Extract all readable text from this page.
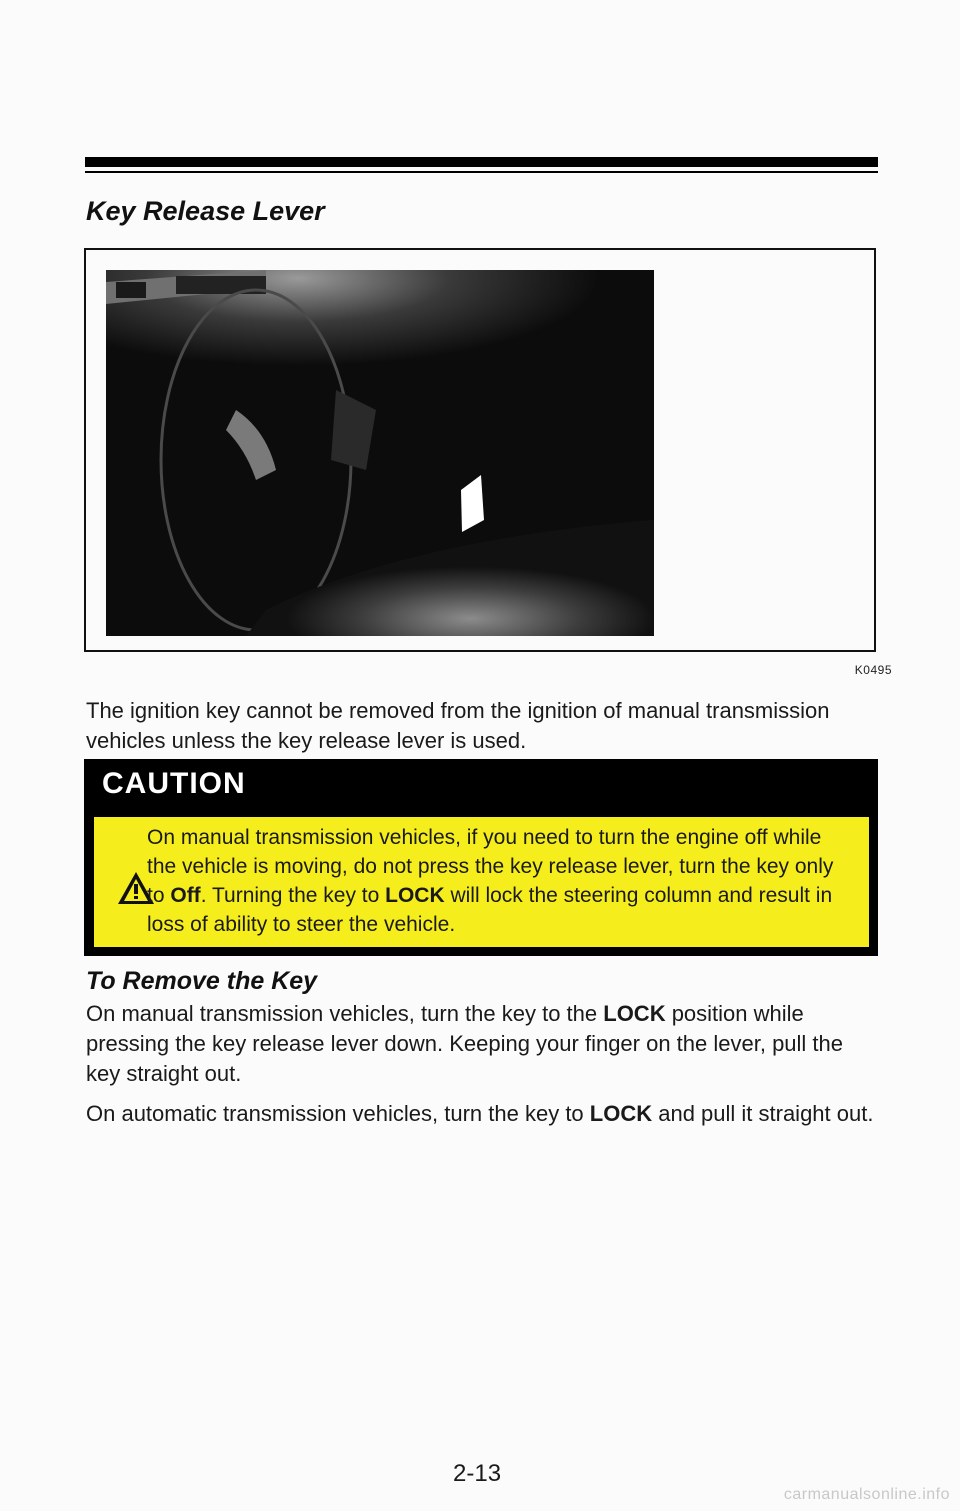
Key Release Lever
K0495

The ignition key cannot be removed from the ignition of manual transmission vehicles unless the key release lever is used.

CAUTION

On manual transmission vehicles, if you need to turn the engine off while the vehicle is moving, do not press the key release lever, turn the key only to Off. Turning the key to LOCK will lock the steering column and result in loss of ability to steer the vehicle.

To Remove the Key

On manual transmission vehicles, turn the key to the LOCK position while pressing the key release lever down. Keeping your finger on the lever, pull the key straight out.

On automatic transmission vehicles, turn the key to LOCK and pull it straight out.

2-13
carmanualsonline.info
